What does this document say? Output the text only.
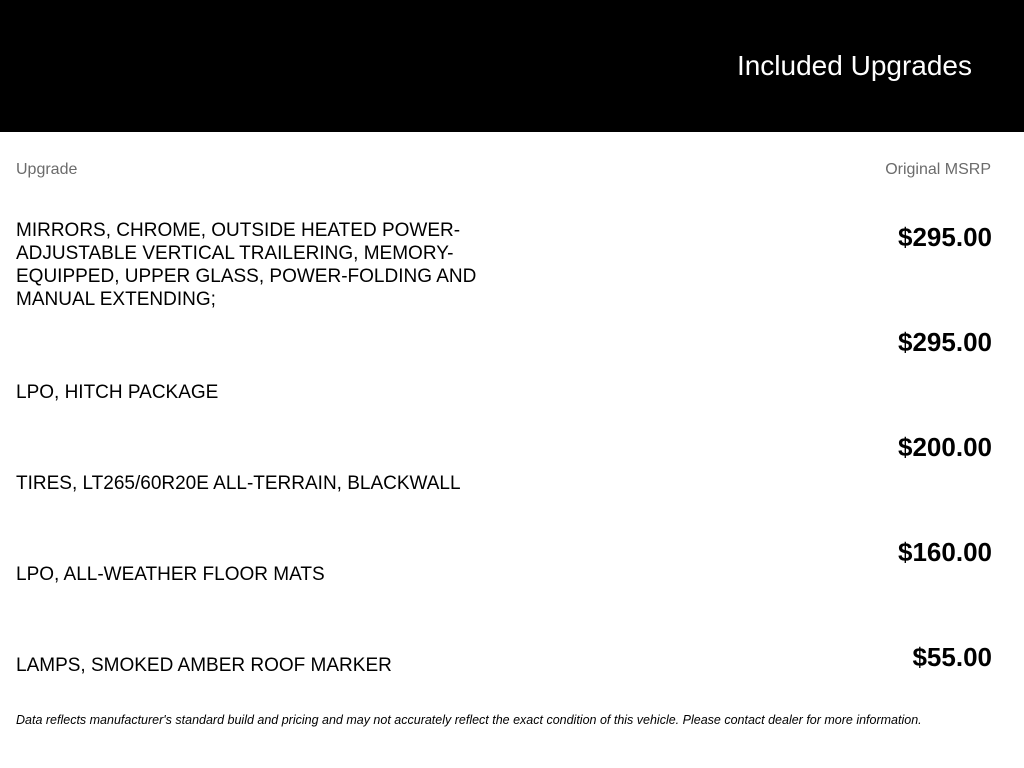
Included Upgrades
Upgrade	Original MSRP
MIRRORS, CHROME, OUTSIDE HEATED POWER-ADJUSTABLE VERTICAL TRAILERING, MEMORY-EQUIPPED, UPPER GLASS, POWER-FOLDING AND MANUAL EXTENDING;
$295.00
LPO, HITCH PACKAGE
$295.00
TIRES, LT265/60R20E ALL-TERRAIN, BLACKWALL
$200.00
LPO, ALL-WEATHER FLOOR MATS
$160.00
LAMPS, SMOKED AMBER ROOF MARKER	$55.00
Data reflects manufacturer's standard build and pricing and may not accurately reflect the exact condition of this vehicle. Please contact dealer for more information.
